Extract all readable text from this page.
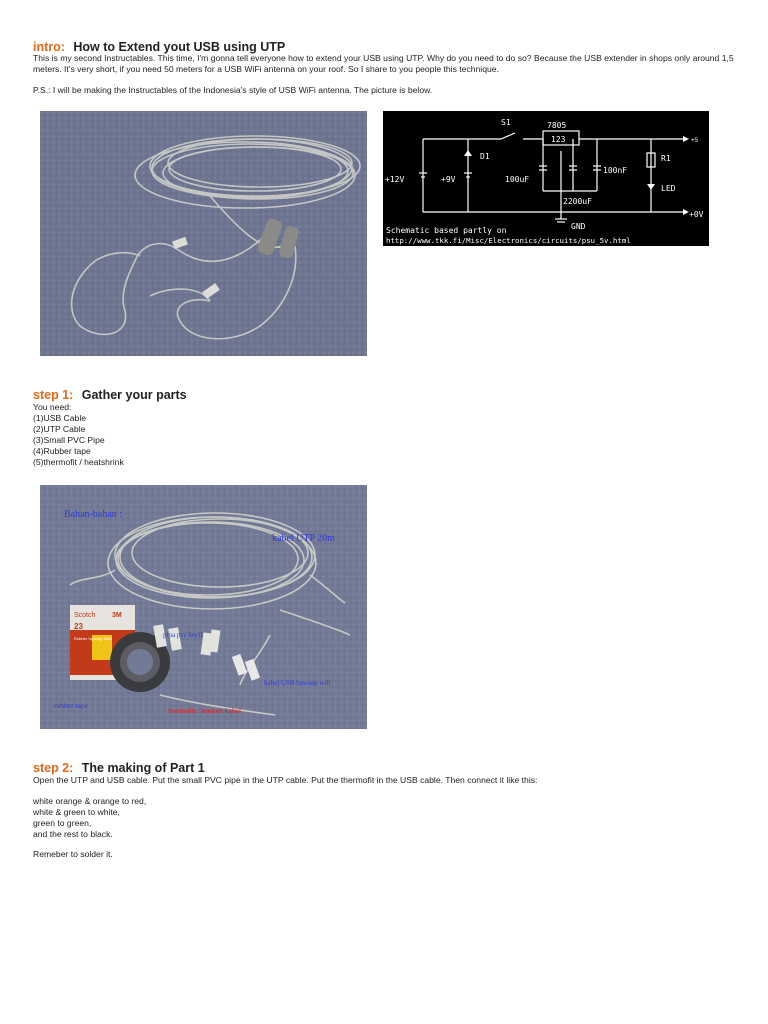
intro: How to Extend yout USB using UTP
This is my second Instructables. This time, I'm gonna tell everyone how to extend your USB using UTP. Why do you need to do so? Because the USB extender in shops only around 1,5 meters. It's very short, if you need 50 meters for a USB WiFi antenna on your roof. So I share to you people this technique.
P.S.: I will be making the Instructables of the Indonesia's style of USB WiFi antenna. The picture is below.
S1	7805
123
D1	R1
LED
+5
+12V	+9V	100uF
100nF
2200uF
GND
+0V
Schematic based partly on
http://www.tkk.fi/Misc/Electronics/circuits/psu_5v.html
step 1: Gather your parts
You need:
(1)USB Cable
(2)UTP Cable
(3)Small PVC Pipe
(4)Rubber tape
(5)thermofit / heatshrink
Scotch
23
3M
Rubber Splicing Tape
Bahan-bahan :
kabel UTP 20m
pipa pvc kecil
kabel USB bawaan wifi
rubber tape
thermofit / lontom kabel
step 2: The making of Part 1
Open the UTP and USB cable. Put the small PVC pipe in the UTP cable. Put the thermofit in the USB cable. Then connect it like this:
white orange & orange to red,
white & green to white,
green to green,
and the rest to black.
Remeber to solder it.
